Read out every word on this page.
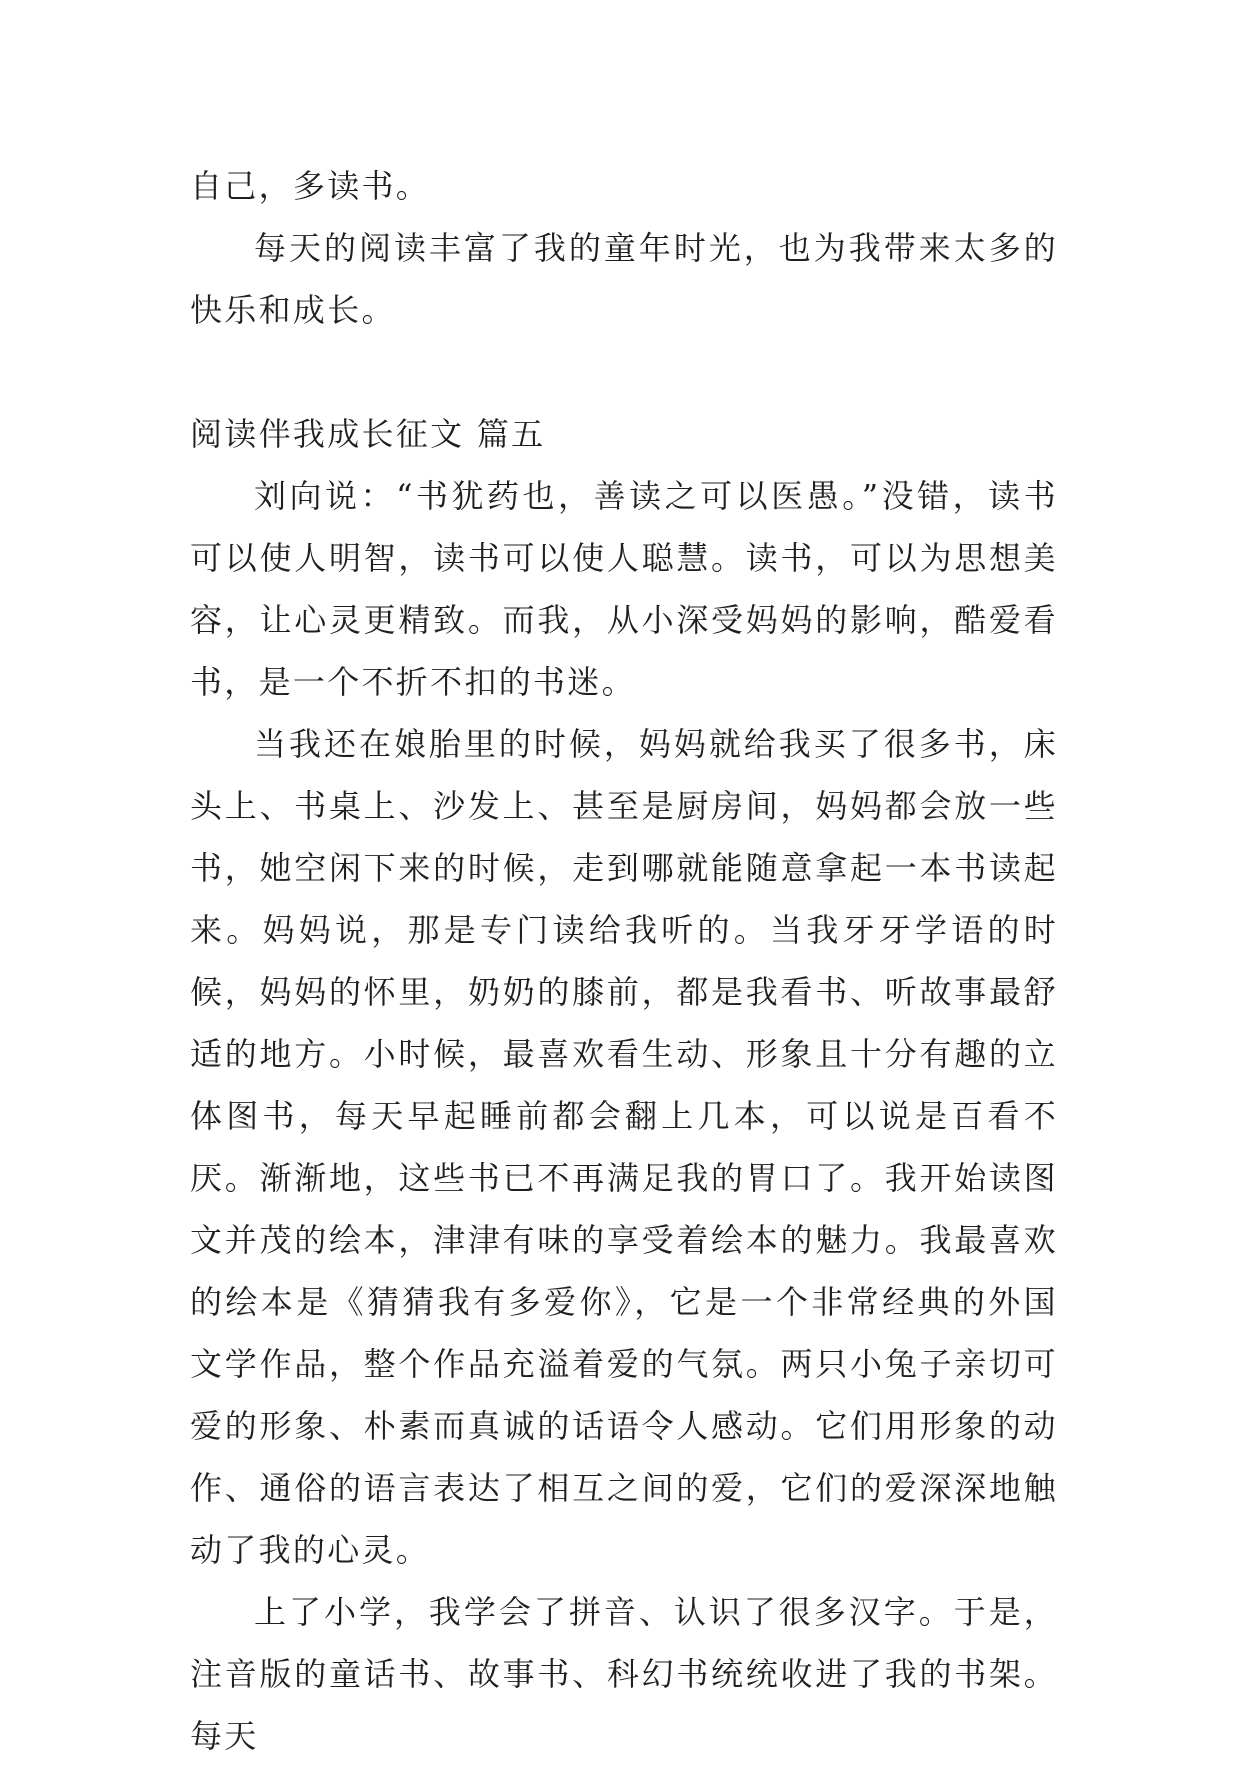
自己，多读书。

每天的阅读丰富了我的童年时光，也为我带来太多的快乐和成长。

阅读伴我成长征文 篇五

刘向说：“书犹药也，善读之可以医愚。”没错，读书可以使人明智，读书可以使人聪慧。读书，可以为思想美容，让心灵更精致。而我，从小深受妈妈的影响，酷爱看书，是一个不折不扣的书迷。

当我还在娘胎里的时候，妈妈就给我买了很多书，床头上、书桌上、沙发上、甚至是厨房间，妈妈都会放一些书，她空闲下来的时候，走到哪就能随意拿起一本书读起来。妈妈说，那是专门读给我听的。当我牙牙学语的时候，妈妈的怀里，奶奶的膝前，都是我看书、听故事最舒适的地方。小时候，最喜欢看生动、形象且十分有趣的立体图书，每天早起睡前都会翻上几本，可以说是百看不厌。渐渐地，这些书已不再满足我的胃口了。我开始读图文并茂的绘本，津津有味的享受着绘本的魅力。我最喜欢的绘本是《猜猜我有多爱你》，它是一个非常经典的外国文学作品，整个作品充溢着爱的气氛。两只小兔子亲切可爱的形象、朴素而真诚的话语令人感动。它们用形象的动作、通俗的语言表达了相互之间的爱，它们的爱深深地触动了我的心灵。

上了小学，我学会了拼音、认识了很多汉字。于是，注音版的童话书、故事书、科幻书统统收进了我的书架。每天
